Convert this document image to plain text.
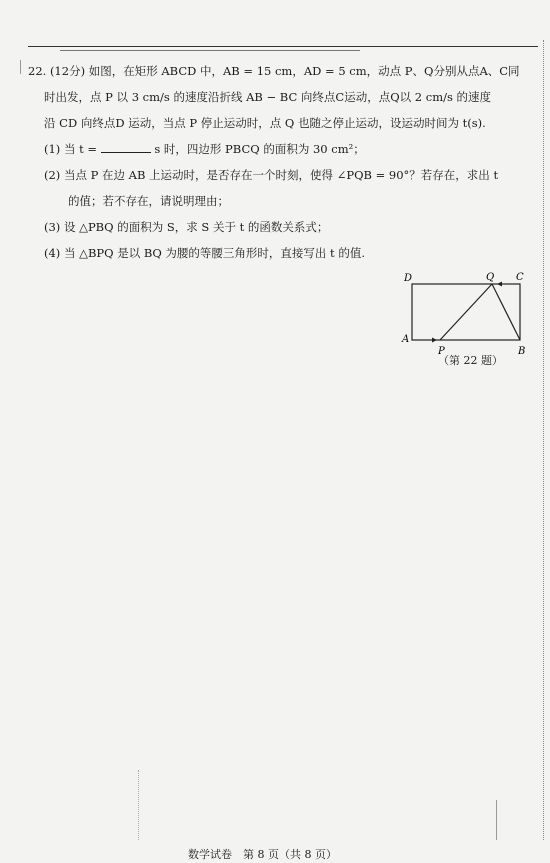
22. (12分) 如图，在矩形 ABCD 中，AB = 15 cm，AD = 5 cm，动点 P、Q分别从点A、C同
时出发，点 P 以 3 cm/s 的速度沿折线 AB − BC 向终点C运动，点Q以 2 cm/s 的速度
沿 CD 向终点D 运动，当点 P 停止运动时，点 Q 也随之停止运动，设运动时间为 t(s).
(1) 当 t =	s 时，四边形 PBCQ 的面积为 30 cm²；
(2) 当点 P 在边 AB 上运动时，是否存在一个时刻，使得 ∠PQB = 90°？若存在，求出 t
的值；若不存在，请说明理由；
(3) 设 △PBQ 的面积为 S，求 S 关于 t 的函数关系式；
(4) 当 △BPQ 是以 BQ 为腰的等腰三角形时，直接写出 t 的值.
D	Q C
A
P	B
（第 22 题）
数学试卷　第 8 页（共 8 页）
